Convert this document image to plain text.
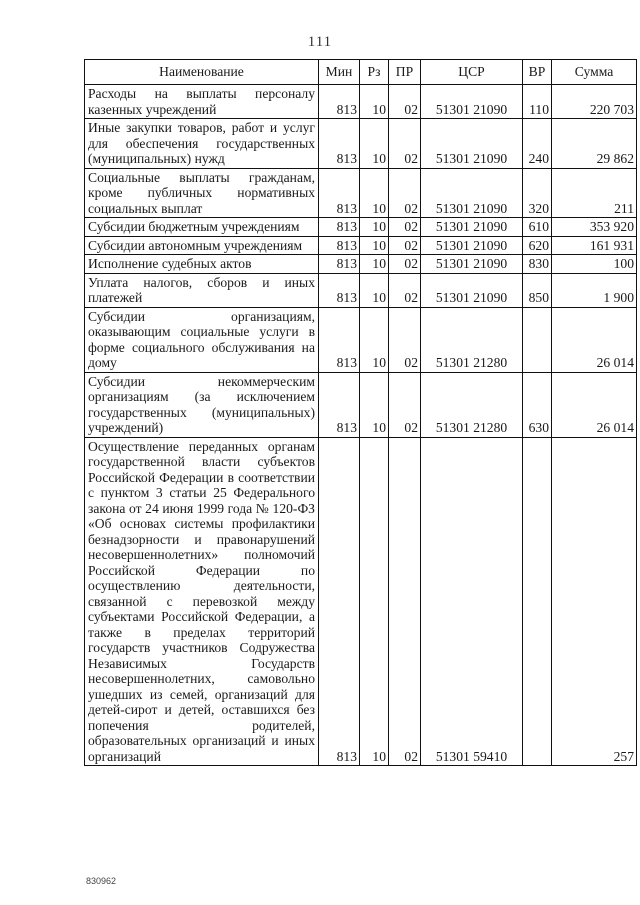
111
Наименование	Мин	Рз	ПР	ЦСР	ВР	Сумма
Расходы на выплаты персоналу казенных учреждений	813	10	02	51301 21090	110	220 703
Иные закупки товаров, работ и услуг для обеспечения государственных (муниципальных) нужд	813	10	02	51301 21090	240	29 862
Социальные выплаты гражданам, кроме публичных нормативных социальных выплат	813	10	02	51301 21090	320	211
Субсидии бюджетным учреждениям	813	10	02	51301 21090	610	353 920
Субсидии автономным учреждениям	813	10	02	51301 21090	620	161 931
Исполнение судебных актов	813	10	02	51301 21090	830	100
Уплата налогов, сборов и иных платежей	813	10	02	51301 21090	850	1 900
Субсидии организациям, оказывающим социальные услуги в форме социального обслуживания на дому	813	10	02	51301 21280		26 014
Субсидии некоммерческим организациям (за исключением государственных (муниципальных) учреждений)	813	10	02	51301 21280	630	26 014
Осуществление переданных органам государственной власти субъектов Российской Федерации в соответствии с пунктом 3 статьи 25 Федерального закона от 24 июня 1999 года № 120-ФЗ «Об основах системы профилактики безнадзорности и правонарушений несовершеннолетних» полномочий Российской Федерации по осуществлению деятельности, связанной с перевозкой между субъектами Российской Федерации, а также в пределах территорий государств участников Содружества Независимых Государств несовершеннолетних, самовольно ушедших из семей, организаций для детей-сирот и детей, оставшихся без попечения родителей, образовательных организаций и иных организаций	813	10	02	51301 59410		257
830962
